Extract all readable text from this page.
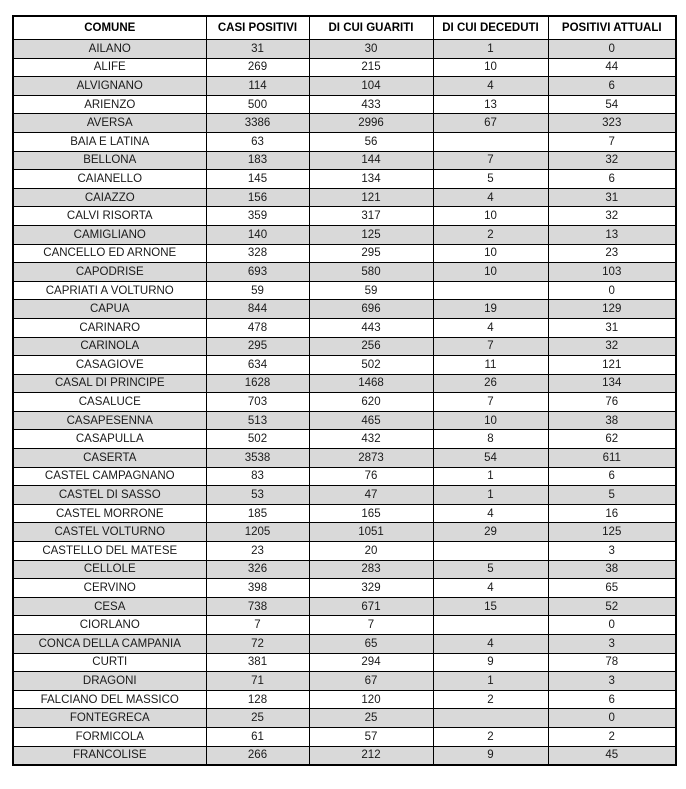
COMUNE	CASI POSITIVI	DI CUI GUARITI	DI CUI DECEDUTI	POSITIVI ATTUALI
AILANO	31	30	1	0
ALIFE	269	215	10	44
ALVIGNANO	114	104	4	6
ARIENZO	500	433	13	54
AVERSA	3386	2996	67	323
BAIA E LATINA	63	56		7
BELLONA	183	144	7	32
CAIANELLO	145	134	5	6
CAIAZZO	156	121	4	31
CALVI RISORTA	359	317	10	32
CAMIGLIANO	140	125	2	13
CANCELLO ED ARNONE	328	295	10	23
CAPODRISE	693	580	10	103
CAPRIATI A VOLTURNO	59	59		0
CAPUA	844	696	19	129
CARINARO	478	443	4	31
CARINOLA	295	256	7	32
CASAGIOVE	634	502	11	121
CASAL DI PRINCIPE	1628	1468	26	134
CASALUCE	703	620	7	76
CASAPESENNA	513	465	10	38
CASAPULLA	502	432	8	62
CASERTA	3538	2873	54	611
CASTEL CAMPAGNANO	83	76	1	6
CASTEL DI SASSO	53	47	1	5
CASTEL MORRONE	185	165	4	16
CASTEL VOLTURNO	1205	1051	29	125
CASTELLO DEL MATESE	23	20		3
CELLOLE	326	283	5	38
CERVINO	398	329	4	65
CESA	738	671	15	52
CIORLANO	7	7		0
CONCA DELLA CAMPANIA	72	65	4	3
CURTI	381	294	9	78
DRAGONI	71	67	1	3
FALCIANO DEL MASSICO	128	120	2	6
FONTEGRECA	25	25		0
FORMICOLA	61	57	2	2
FRANCOLISE	266	212	9	45
